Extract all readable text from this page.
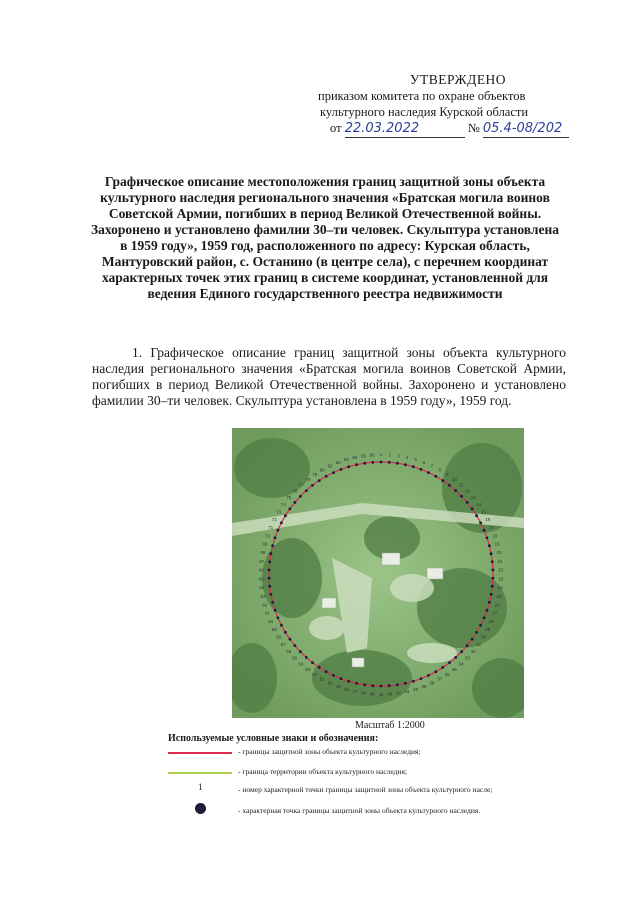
УТВЕРЖДЕНО
приказом комитета по охране объектов
культурного наследия Курской области
от 22.03.2022	№ 05.4-08/202
Графическое описание местоположения границ защитной зоны объекта культурного наследия регионального значения «Братская могила воинов Советской Армии, погибших в период Великой Отечественной войны. Захоронено и установлено фамилии 30–ти человек. Скульптура установлена в 1959 году», 1959 год, расположенного по адресу: Курская область, Мантуровский район, с. Останино (в центре села), с перечнем координат характерных точек этих границ в системе координат, установленной для ведения Единого государственного реестра недвижимости
1. Графическое описание границ защитной зоны объекта культурного наследия регионального значения «Братская могила воинов Советской Армии, погибших в период Великой Отечественной войны. Захоронено и установлено фамилии 30–ти человек. Скульптура установлена в 1959 году», 1959 год.
1 2 3 4 5
6
7
8
9
10
11
12
13
14
15
16
17
18
19
20
21
22
23
24
25
26
27
28
29
30
31
32
33
34
35
36
37
38
39
40
41
42
43
44
45
46
47
48
49
50
51
52
53
54
55
56
57
58
59
60
61
62
63
64
65
66
67
68
69
70
71
72
73
74
75
76
77
78
79
80
81
82
83 84 85 86
Масштаб 1:2000
Используемые условные знаки и обозначения:
- границы защитной зоны объекта культурного наследия;
- граница территории объекта культурного наследия;
1	- номер характерной точки границы защитной зоны объекта культурного насле;
- характерная точка границы защитной зоны объекта культурного наследия.
